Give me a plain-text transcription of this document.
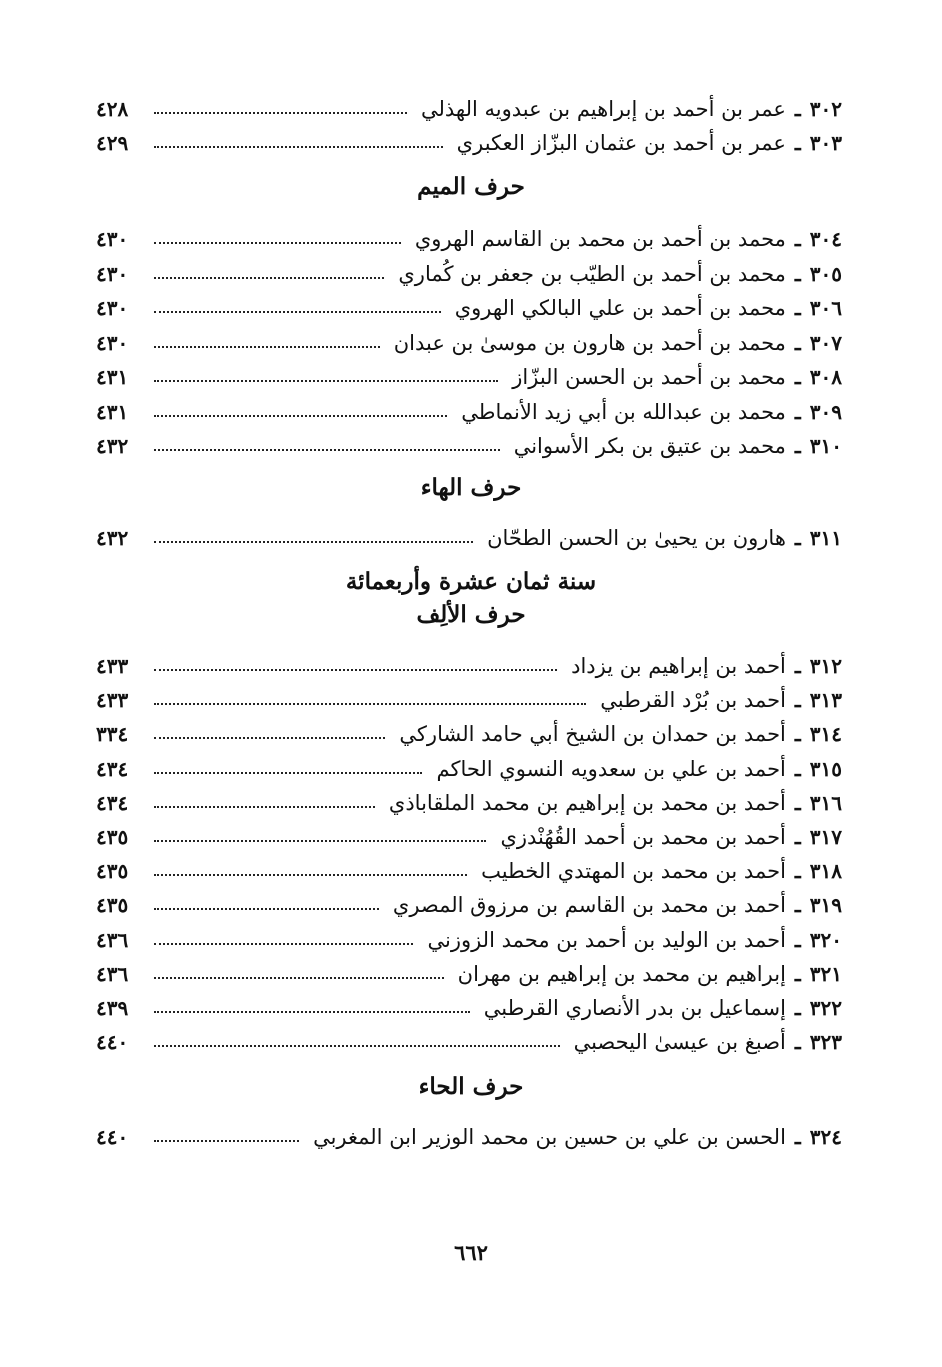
٣٠٢
ـ
عمر بن أحمد بن إبراهيم بن عبدويه الهذلي
٤٢٨
٣٠٣
ـ
عمر بن أحمد بن عثمان البزّاز العكبري
٤٢٩
حرف الميم
٣٠٤
ـ
محمد بن أحمد بن محمد بن القاسم الهروي
٤٣٠
٣٠٥
ـ
محمد بن أحمد بن الطيّب بن جعفر بن كُماري
٤٣٠
٣٠٦
ـ
محمد بن أحمد بن علي البالكي الهروي
٤٣٠
٣٠٧
ـ
محمد بن أحمد بن هارون بن موسىٰ بن عبدان
٤٣٠
٣٠٨
ـ
محمد بن أحمد بن الحسن البزّاز
٤٣١
٣٠٩
ـ
محمد بن عبدالله بن أبي زيد الأنماطي
٤٣١
٣١٠
ـ
محمد بن عتيق بن بكر الأسواني
٤٣٢
حرف الهاء
٣١١
ـ
هارون بن يحيىٰ بن الحسن الطحّان
٤٣٢
سنة ثمان عشرة وأربعمائة
حرف الألِف
٣١٢
ـ
أحمد بن إبراهيم بن يزداد
٤٣٣
٣١٣
ـ
أحمد بن بُرْد القرطبي
٤٣٣
٣١٤
ـ
أحمد بن حمدان بن الشيخ أبي حامد الشاركي
٣٣٤
٣١٥
ـ
أحمد بن علي بن سعدويه النسوي الحاكم
٤٣٤
٣١٦
ـ
أحمد بن محمد بن إبراهيم بن محمد الملقاباذي
٤٣٤
٣١٧
ـ
أحمد بن محمد بن أحمد القُهُنْدزي
٤٣٥
٣١٨
ـ
أحمد بن محمد بن المهتدي الخطيب
٤٣٥
٣١٩
ـ
أحمد بن محمد بن القاسم بن مرزوق المصري
٤٣٥
٣٢٠
ـ
أحمد بن الوليد بن أحمد بن محمد الزوزني
٤٣٦
٣٢١
ـ
إبراهيم بن محمد بن إبراهيم بن مهران
٤٣٦
٣٢٢
ـ
إسماعيل بن بدر الأنصاري القرطبي
٤٣٩
٣٢٣
ـ
أصبغ بن عيسىٰ اليحصبي
٤٤٠
حرف الحاء
٣٢٤
ـ
الحسن بن علي بن حسين بن محمد الوزير ابن المغربي
٤٤٠
٦٦٢
